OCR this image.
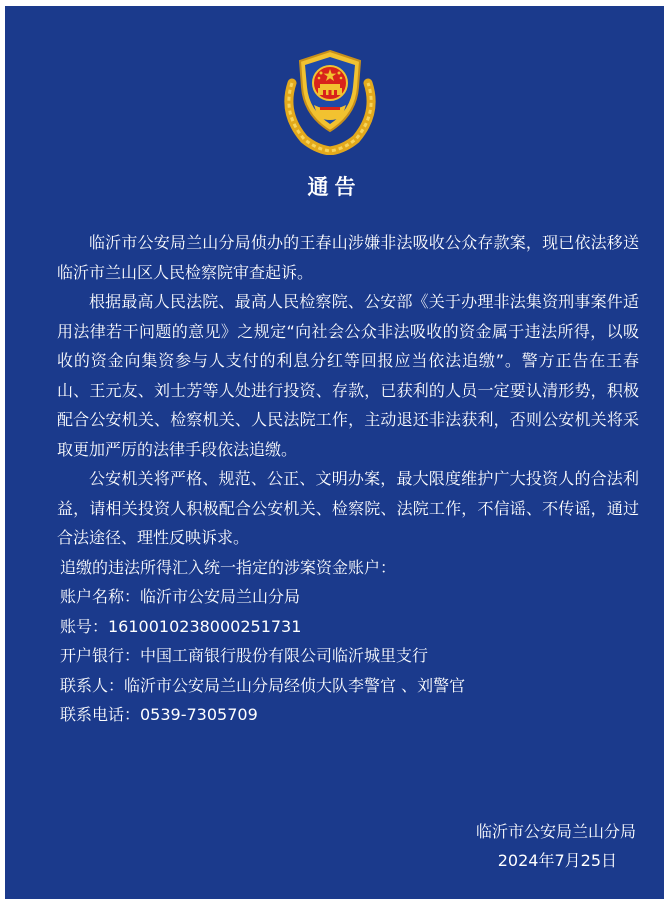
通告

临沂市公安局兰山分局侦办的王春山涉嫌非法吸收公众存款案，现已依法移送临沂市兰山区人民检察院审查起诉。

根据最高人民法院、最高人民检察院、公安部《关于办理非法集资刑事案件适用法律若干问题的意见》之规定“向社会公众非法吸收的资金属于违法所得，以吸收的资金向集资参与人支付的利息分红等回报应当依法追缴”。警方正告在王春山、王元友、刘士芳等人处进行投资、存款，已获利的人员一定要认清形势，积极配合公安机关、检察机关、人民法院工作，主动退还非法获利，否则公安机关将采取更加严厉的法律手段依法追缴。

公安机关将严格、规范、公正、文明办案，最大限度维护广大投资人的合法利益，请相关投资人积极配合公安机关、检察院、法院工作，不信谣、不传谣，通过合法途径、理性反映诉求。

追缴的违法所得汇入统一指定的涉案资金账户：

账户名称：临沂市公安局兰山分局

账号：1610010238000251731

开户银行：中国工商银行股份有限公司临沂城里支行

联系人：临沂市公安局兰山分局经侦大队李警官 、刘警官

联系电话：0539-7305709

临沂市公安局兰山分局
2024年7月25日
